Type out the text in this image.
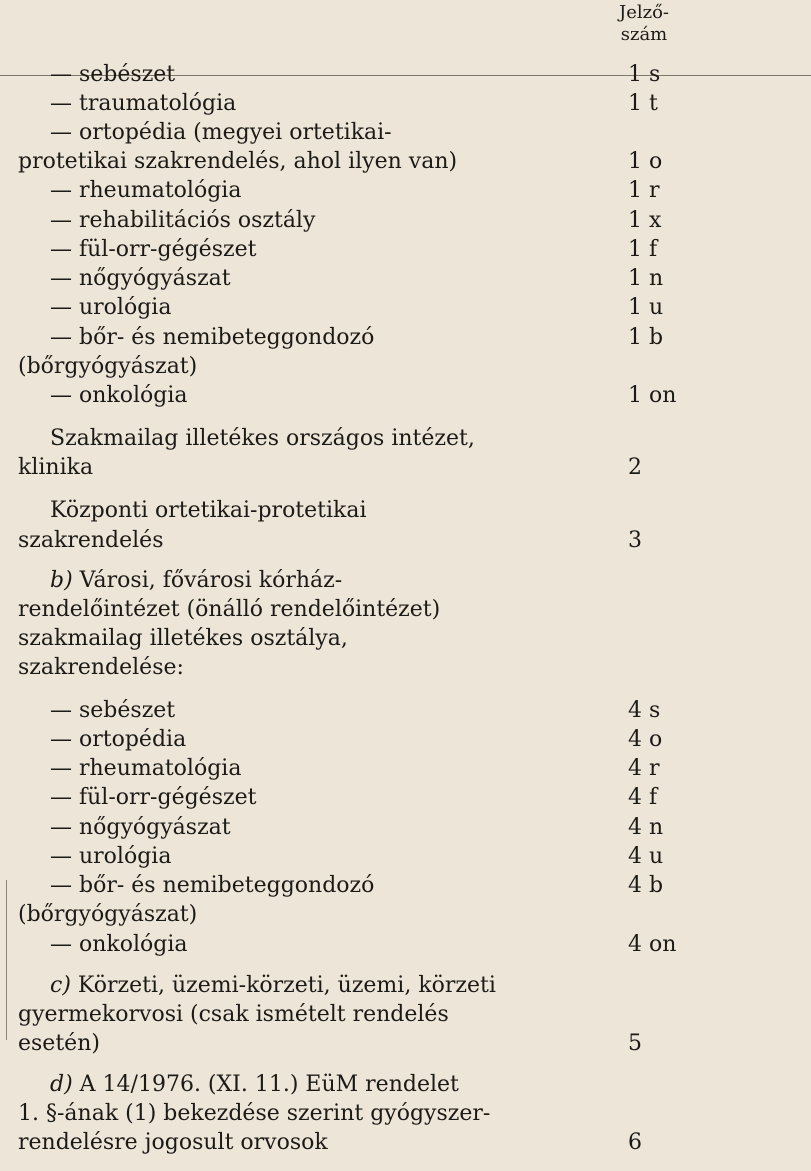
Jelző-
szám
— sebészet	1 s
— traumatológia	1 t
— ortopédia (megyei ortetikai-
protetikai szakrendelés, ahol ilyen van)	1 o
— rheumatológia	1 r
— rehabilitációs osztály	1 x
— fül-orr-gégészet	1 f
— nőgyógyászat	1 n
— urológia	1 u
— bőr- és nemibeteggondozó	1 b
(bőrgyógyászat)
— onkológia	1 on
Szakmailag illetékes országos intézet,
klinika	2
Központi ortetikai-protetikai
szakrendelés	3
b) Városi, fővárosi kórház-
rendelőintézet (önálló rendelőintézet)
szakmailag illetékes osztálya,
szakrendelése:
— sebészet	4 s
— ortopédia	4 o
— rheumatológia	4 r
— fül-orr-gégészet	4 f
— nőgyógyászat	4 n
— urológia	4 u
— bőr- és nemibeteggondozó	4 b
(bőrgyógyászat)
— onkológia	4 on
c) Körzeti, üzemi-körzeti, üzemi, körzeti
gyermekorvosi (csak ismételt rendelés
esetén)	5
d) A 14/1976. (XI. 11.) EüM rendelet
1. §-ának (1) bekezdése szerint gyógyszer-
rendelésre jogosult orvosok	6
